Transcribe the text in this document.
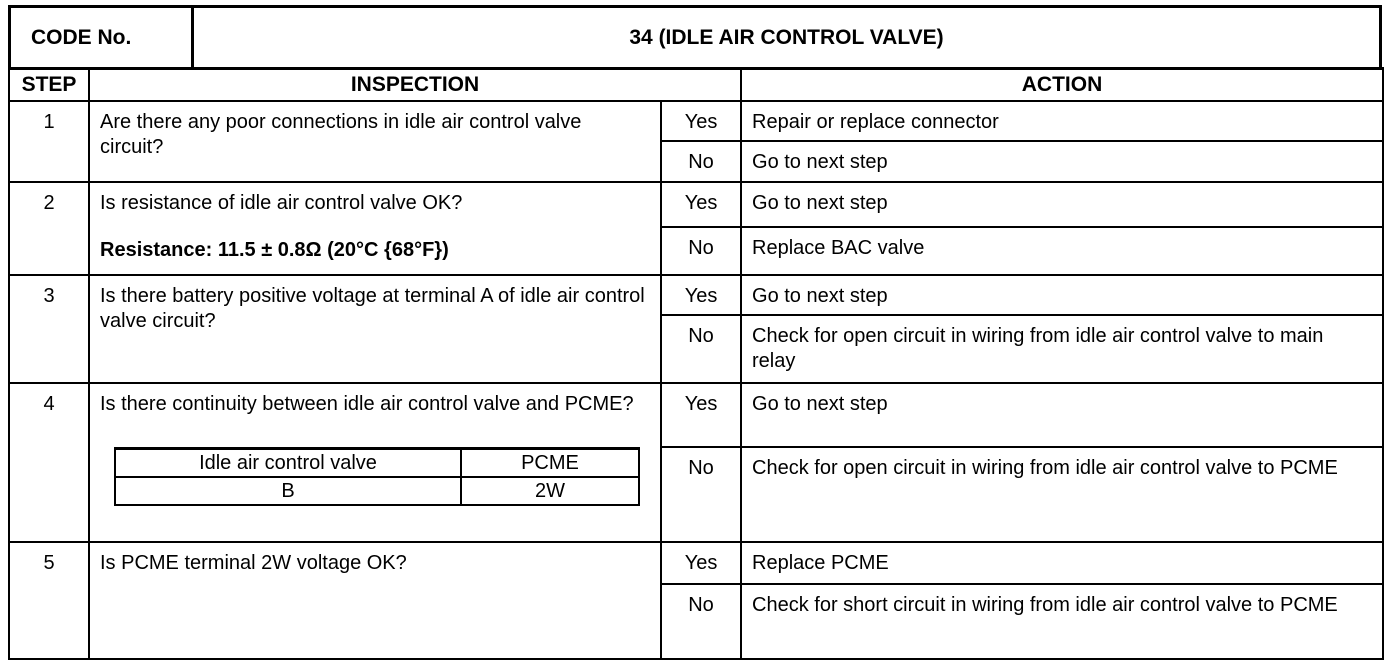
CODE No.	34 (IDLE AIR CONTROL VALVE)
STEP	INSPECTION	ACTION
1	Are there any poor connections in idle air control valve circuit?	Yes	Repair or replace connector
No	Go to next step
2	Is resistance of idle air control valve OK?
Resistance: 11.5 ± 0.8Ω (20°C {68°F})
	Yes	Go to next step
No	Replace BAC valve
3	Is there battery positive voltage at terminal A of idle air control valve circuit?	Yes	Go to next step
No	Check for open circuit in wiring from idle air control valve to main relay
4	Is there continuity between idle air control valve and PCME?
Idle air control valve	PCME
B	2W
	Yes	Go to next step
No	Check for open circuit in wiring from idle air control valve to PCME
5	Is PCME terminal 2W voltage OK?	Yes	Replace PCME
No	Check for short circuit in wiring from idle air control valve to PCME
